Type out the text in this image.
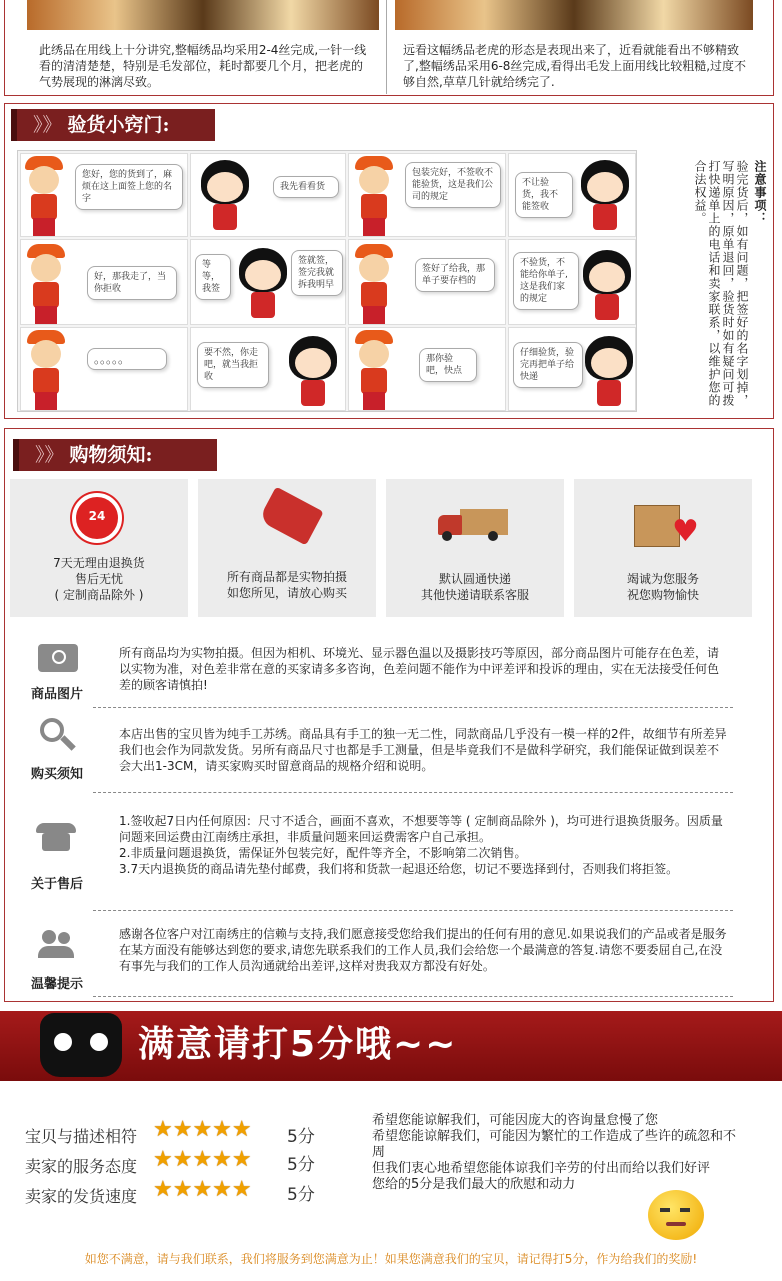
此绣品在用线上十分讲究,整幅绣品均采用2-4丝完成,一针一线看的清清楚楚，特别是毛发部位，耗时都要几个月，把老虎的气势展现的淋漓尽致。
远看这幅绣品老虎的形态是表现出来了，近看就能看出不够精致了,整幅绣品采用6-8丝完成,看得出毛发上面用线比较粗糙,过度不够自然,草草几针就给绣完了.
》》 验货小窍门:
您好，您的货到了，麻烦在这上面签上您的名字
我先看看货
包装完好，不签收不能验货，这是我们公司的规定
不让验货，我不能签收
好，那我走了，当你拒收
等等，我签
签就签，签完我就拆我明早
签好了给我，那单子要存档的
不验货，不能给你单子,这是我们家的规定
。。。。。	要不然，你走吧，就当我拒收
那你验吧，快点
仔细验货，验完再把单子给快递
注意事项：
验完货后，如有问题，把签好的名字划掉，写明原因，原单退回，验货时如有疑问可拨打快递单上的电话和卖家联系，以维护您的合法权益。
》》 购物须知:
24
7天无理由退换货
售后无忧
( 定制商品除外 )
所有商品都是实物拍摄
如您所见，请放心购买
默认圆通快递
其他快递请联系客服
♥
竭诚为您服务
祝您购物愉快
商品图片
所有商品均为实物拍摄。但因为相机、环境光、显示器色温以及摄影技巧等原因，部分商品图片可能存在色差，请以实物为准，对色差非常在意的买家请多多咨询，色差问题不能作为中评差评和投诉的理由，实在无法接受任何色差的顾客请慎拍!
购买须知
本店出售的宝贝皆为纯手工苏绣。商品具有手工的独一无二性，同款商品几乎没有一模一样的2件，故细节有所差异我们也会作为同款发货。另所有商品尺寸也都是手工测量，但是毕竟我们不是做科学研究，我们能保证做到误差不会大出1-3CM，请买家购买时留意商品的规格介绍和说明。
关于售后
1.签收起7日内任何原因：尺寸不适合，画面不喜欢，不想要等等 ( 定制商品除外 )，均可进行退换货服务。因质量问题来回运费由江南绣庄承担，非质量问题来回运费需客户自己承担。
2.非质量问题退换货，需保证外包装完好，配件等齐全，不影响第二次销售。
3.7天内退换货的商品请先垫付邮费，我们将和货款一起退还给您，切记不要选择到付，否则我们将拒签。
温馨提示
感谢各位客户对江南绣庄的信赖与支持,我们愿意接受您给我们提出的任何有用的意见.如果说我们的产品或者是服务在某方面没有能够达到您的要求,请您先联系我们的工作人员,我们会给您一个最满意的答复.请您不要委屈自己,在没有事先与我们的工作人员沟通就给出差评,这样对贵我双方都没有好处。
满意请打5分哦~~
宝贝与描述相符 ★★★★★ 5分
卖家的服务态度 ★★★★★ 5分
卖家的发货速度 ★★★★★ 5分
希望您能谅解我们，可能因庞大的咨询量怠慢了您
希望您能谅解我们，可能因为繁忙的工作造成了些许的疏忽和不周
但我们衷心地希望您能体谅我们辛劳的付出而给以我们好评
您给的5分是我们最大的欣慰和动力
如您不满意，请与我们联系，我们将服务到您满意为止！如果您满意我们的宝贝，请记得打5分，作为给我们的奖励!
